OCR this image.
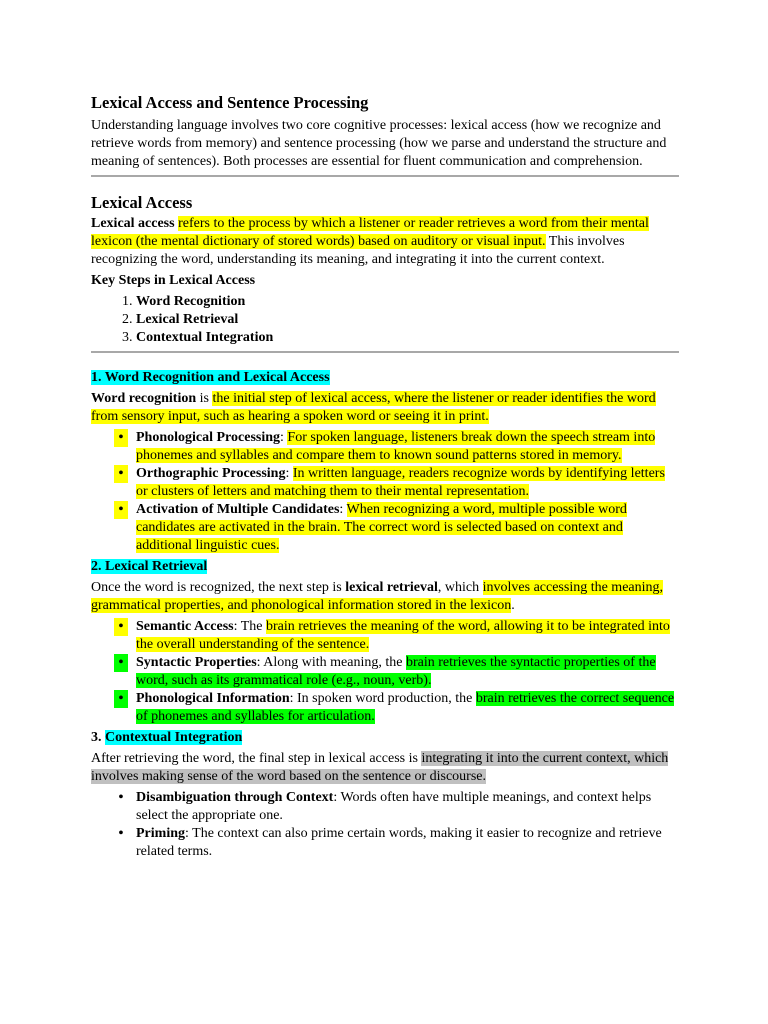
Lexical Access and Sentence Processing

Understanding language involves two core cognitive processes: lexical access (how we recognize and retrieve words from memory) and sentence processing (how we parse and understand the structure and meaning of sentences). Both processes are essential for fluent communication and comprehension.

Lexical Access

Lexical access refers to the process by which a listener or reader retrieves a word from their mental lexicon (the mental dictionary of stored words) based on auditory or visual input. This involves recognizing the word, understanding its meaning, and integrating it into the current context.

Key Steps in Lexical Access

1. Word Recognition
2. Lexical Retrieval
3. Contextual Integration

1. Word Recognition and Lexical Access

Word recognition is the initial step of lexical access, where the listener or reader identifies the word from sensory input, such as hearing a spoken word or seeing it in print.

• Phonological Processing: For spoken language, listeners break down the speech stream into phonemes and syllables and compare them to known sound patterns stored in memory.
• Orthographic Processing: In written language, readers recognize words by identifying letters or clusters of letters and matching them to their mental representation.
• Activation of Multiple Candidates: When recognizing a word, multiple possible word candidates are activated in the brain. The correct word is selected based on context and additional linguistic cues.

2. Lexical Retrieval

Once the word is recognized, the next step is lexical retrieval, which involves accessing the meaning, grammatical properties, and phonological information stored in the lexicon.

• Semantic Access: The brain retrieves the meaning of the word, allowing it to be integrated into the overall understanding of the sentence.
• Syntactic Properties: Along with meaning, the brain retrieves the syntactic properties of the word, such as its grammatical role (e.g., noun, verb).
• Phonological Information: In spoken word production, the brain retrieves the correct sequence of phonemes and syllables for articulation.

3. Contextual Integration

After retrieving the word, the final step in lexical access is integrating it into the current context, which involves making sense of the word based on the sentence or discourse.

• Disambiguation through Context: Words often have multiple meanings, and context helps select the appropriate one.
• Priming: The context can also prime certain words, making it easier to recognize and retrieve related terms.
